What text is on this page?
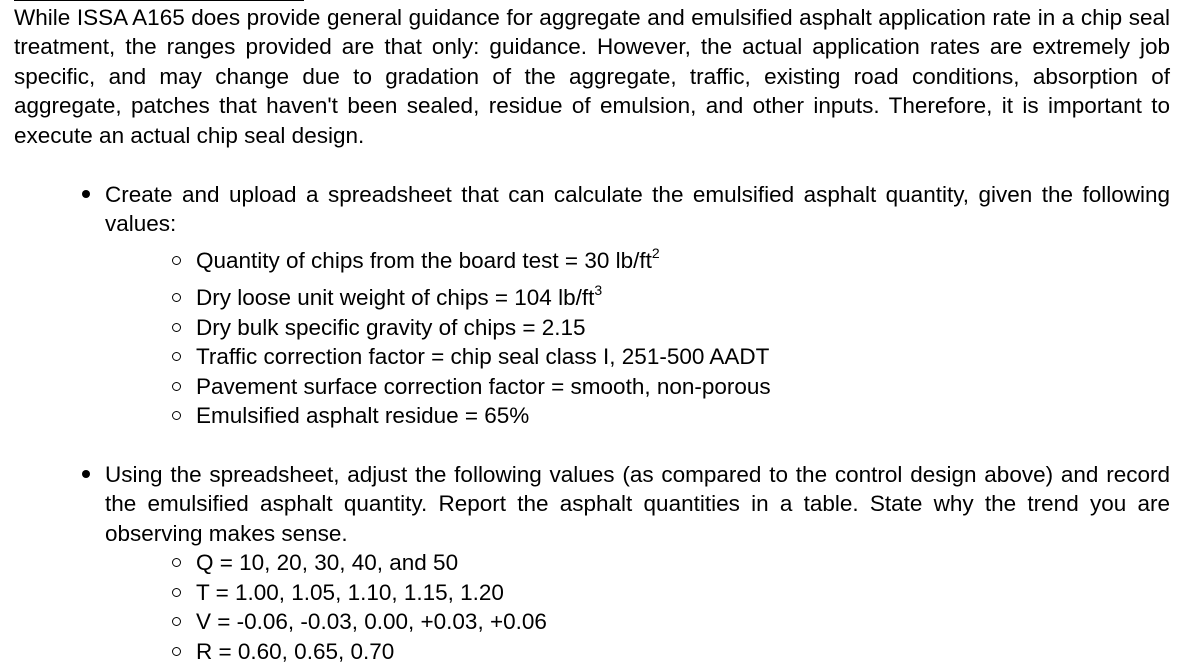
While ISSA A165 does provide general guidance for aggregate and emulsified asphalt application rate in a chip seal treatment, the ranges provided are that only: guidance. However, the actual application rates are extremely job specific, and may change due to gradation of the aggregate, traffic, existing road conditions, absorption of aggregate, patches that haven't been sealed, residue of emulsion, and other inputs. Therefore, it is important to execute an actual chip seal design.

Create and upload a spreadsheet that can calculate the emulsified asphalt quantity, given the following values:

Quantity of chips from the board test = 30 $lb/ft^2$
Dry loose unit weight of chips = 104 $lb/ft^3$
Dry bulk specific gravity of chips = 2.15
Traffic correction factor = chip seal class I, 251-500 AADT
Pavement surface correction factor = smooth, non-porous
Emulsified asphalt residue = 65%

Using the spreadsheet, adjust the following values (as compared to the control design above) and record the emulsified asphalt quantity. Report the asphalt quantities in a table. State why the trend you are observing makes sense.

Q = 10, 20, 30, 40, and 50
T = 1.00, 1.05, 1.10, 1.15, 1.20
V = -0.06, -0.03, 0.00, +0.03, +0.06
R = 0.60, 0.65, 0.70
